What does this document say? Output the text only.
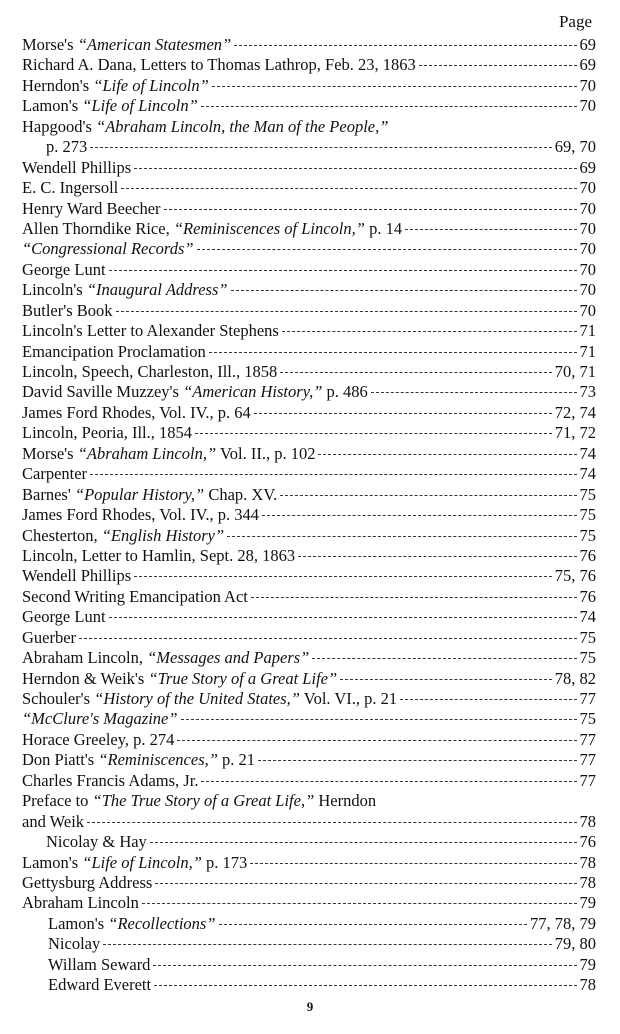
Page
Morse's “American Statesmen”	69
Richard A. Dana, Letters to Thomas Lathrop, Feb. 23, 1863	69
Herndon's “Life of Lincoln”	70
Lamon's “Life of Lincoln”	70
Hapgood's “Abraham Lincoln, the Man of the People,”
p. 273	69, 70
Wendell Phillips	69
E. C. Ingersoll	70
Henry Ward Beecher	70
Allen Thorndike Rice, “Reminiscences of Lincoln,” p. 14	70
“Congressional Records”	70
George Lunt	70
Lincoln's “Inaugural Address”	70
Butler's Book	70
Lincoln's Letter to Alexander Stephens	71
Emancipation Proclamation	71
Lincoln, Speech, Charleston, Ill., 1858	70, 71
David Saville Muzzey's “American History,” p. 486	73
James Ford Rhodes, Vol. IV., p. 64	72, 74
Lincoln, Peoria, Ill., 1854	71, 72
Morse's “Abraham Lincoln,” Vol. II., p. 102	74
Carpenter	74
Barnes' “Popular History,” Chap. XV.	75
James Ford Rhodes, Vol. IV., p. 344	75
Chesterton, “English History”	75
Lincoln, Letter to Hamlin, Sept. 28, 1863	76
Wendell Phillips	75, 76
Second Writing Emancipation Act	76
George Lunt	74
Guerber	75
Abraham Lincoln, “Messages and Papers”	75
Herndon & Weik's “True Story of a Great Life”	78, 82
Schouler's “History of the United States,” Vol. VI., p. 21	77
“McClure's Magazine”	75
Horace Greeley, p. 274	77
Don Piatt's “Reminiscences,” p. 21	77
Charles Francis Adams, Jr.	77
Preface to “The True Story of a Great Life,” Herndon
and Weik	78
Nicolay & Hay	76
Lamon's “Life of Lincoln,” p. 173	78
Gettysburg Address	78
Abraham Lincoln	79
Lamon's “Recollections”	77, 78, 79
Nicolay	79, 80
Willam Seward	79
Edward Everett	78
9
